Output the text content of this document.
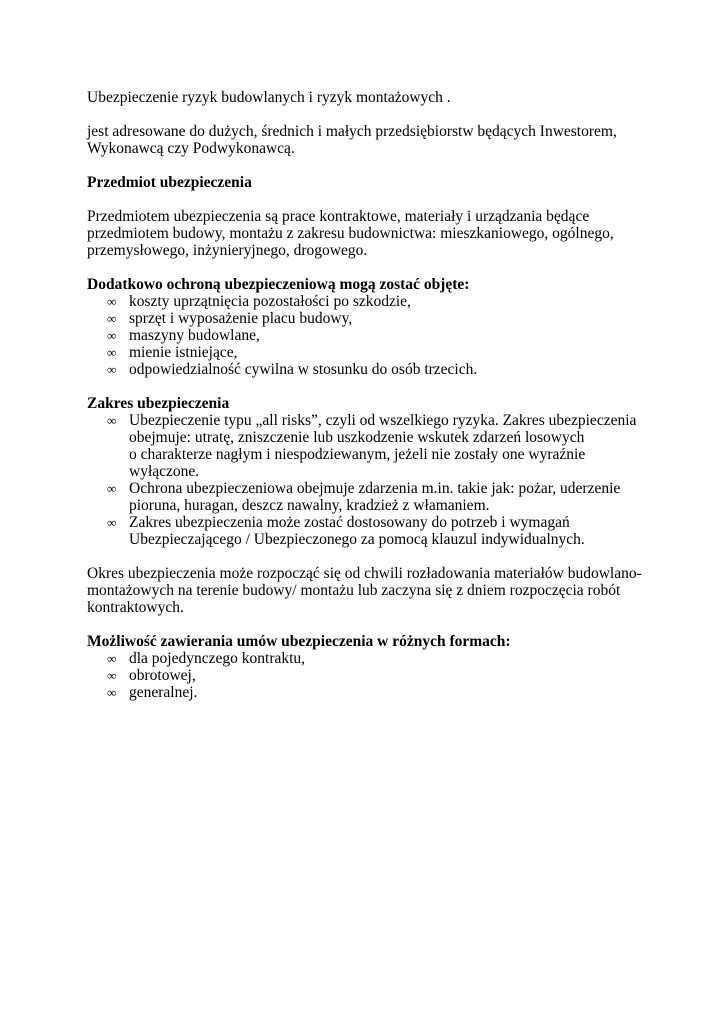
Ubezpieczenie ryzyk budowlanych i ryzyk montażowych .

jest adresowane do dużych, średnich i małych przedsiębiorstw będących Inwestorem,

Wykonawcą czy Podwykonawcą.

Przedmiot ubezpieczenia

Przedmiotem ubezpieczenia są prace kontraktowe, materiały i urządzania będące

przedmiotem budowy, montażu z zakresu budownictwa: mieszkaniowego, ogólnego,

przemysłowego, inżynieryjnego, drogowego.

Dodatkowo ochroną ubezpieczeniową mogą zostać objęte:

∞ koszty uprzątnięcia pozostałości po szkodzie,
∞ sprzęt i wyposażenie placu budowy,
∞ maszyny budowlane,
∞ mienie istniejące,
∞ odpowiedzialność cywilna w stosunku do osób trzecich.

Zakres ubezpieczenia

∞ Ubezpieczenie typu „all risks”, czyli od wszelkiego ryzyka. Zakres ubezpieczenia
obejmuje: utratę, zniszczenie lub uszkodzenie wskutek zdarzeń losowych
o charakterze nagłym i niespodziewanym, jeżeli nie zostały one wyraźnie wyłączone.
∞ Ochrona ubezpieczeniowa obejmuje zdarzenia m.in. takie jak: pożar, uderzenie
pioruna, huragan, deszcz nawalny, kradzież z włamaniem.
∞ Zakres ubezpieczenia może zostać dostosowany do potrzeb i wymagań
Ubezpieczającego / Ubezpieczonego za pomocą klauzul indywidualnych.

Okres ubezpieczenia może rozpocząć się od chwili rozładowania materiałów budowlano-

montażowych na terenie budowy/ montażu lub zaczyna się z dniem rozpoczęcia robót

kontraktowych.

Możliwość zawierania umów ubezpieczenia w różnych formach:

∞ dla pojedynczego kontraktu,
∞ obrotowej,
∞ generalnej.
